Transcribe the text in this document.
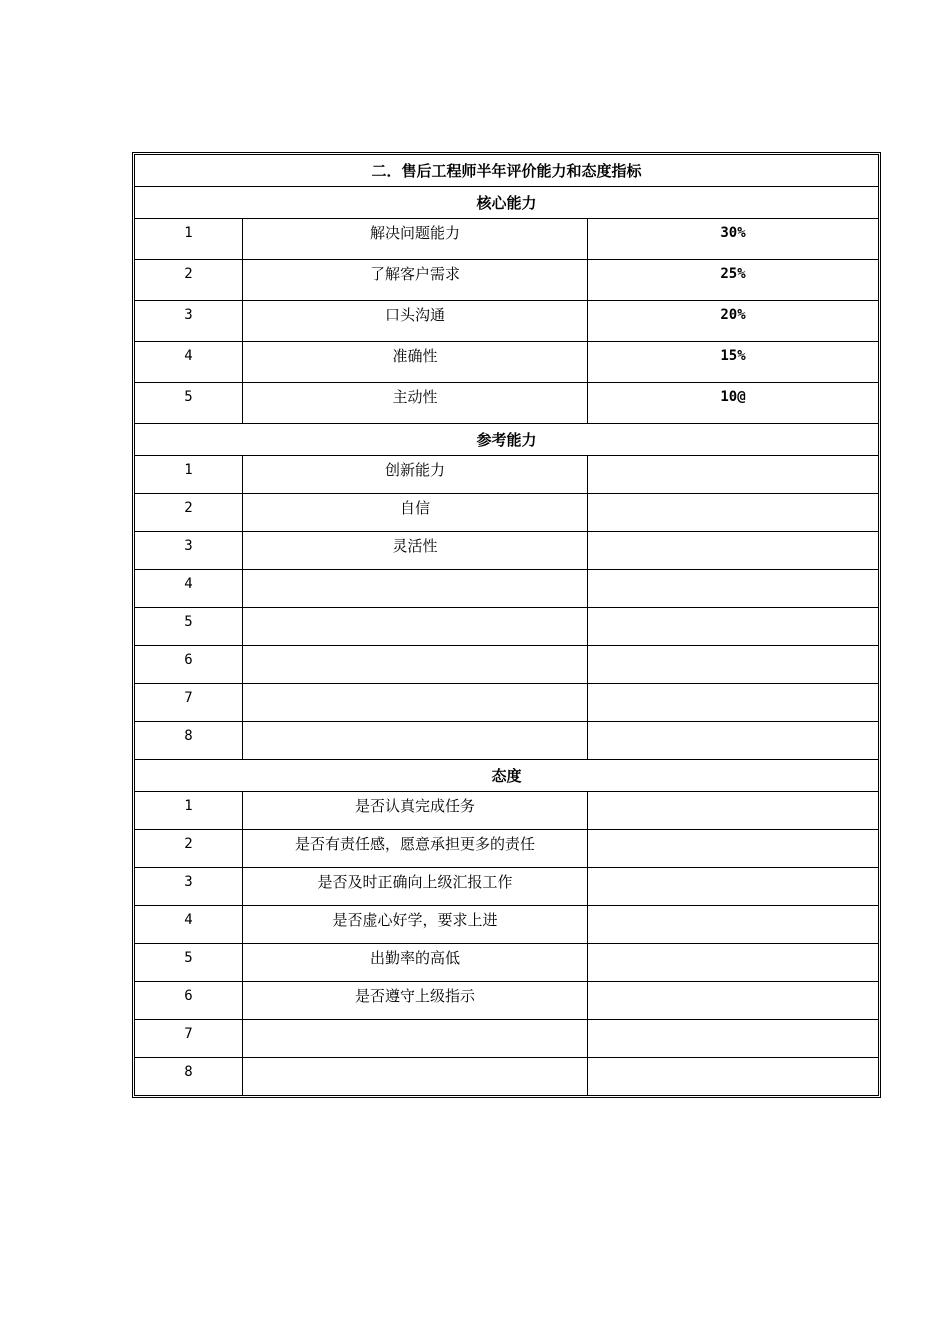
二．售后工程师半年评价能力和态度指标		
核心能力		
1	解决问题能力	30%
2	了解客户需求	25%
3	口头沟通	20%
4	准确性	15%
5	主动性	10@
参考能力		
1	创新能力	
2	自信	
3	灵活性	
4		
5		
6		
7		
8		
态度		
1	是否认真完成任务	
2	是否有责任感，愿意承担更多的责任	
3	是否及时正确向上级汇报工作	
4	是否虚心好学，要求上进	
5	出勤率的高低	
6	是否遵守上级指示	
7		
8		
